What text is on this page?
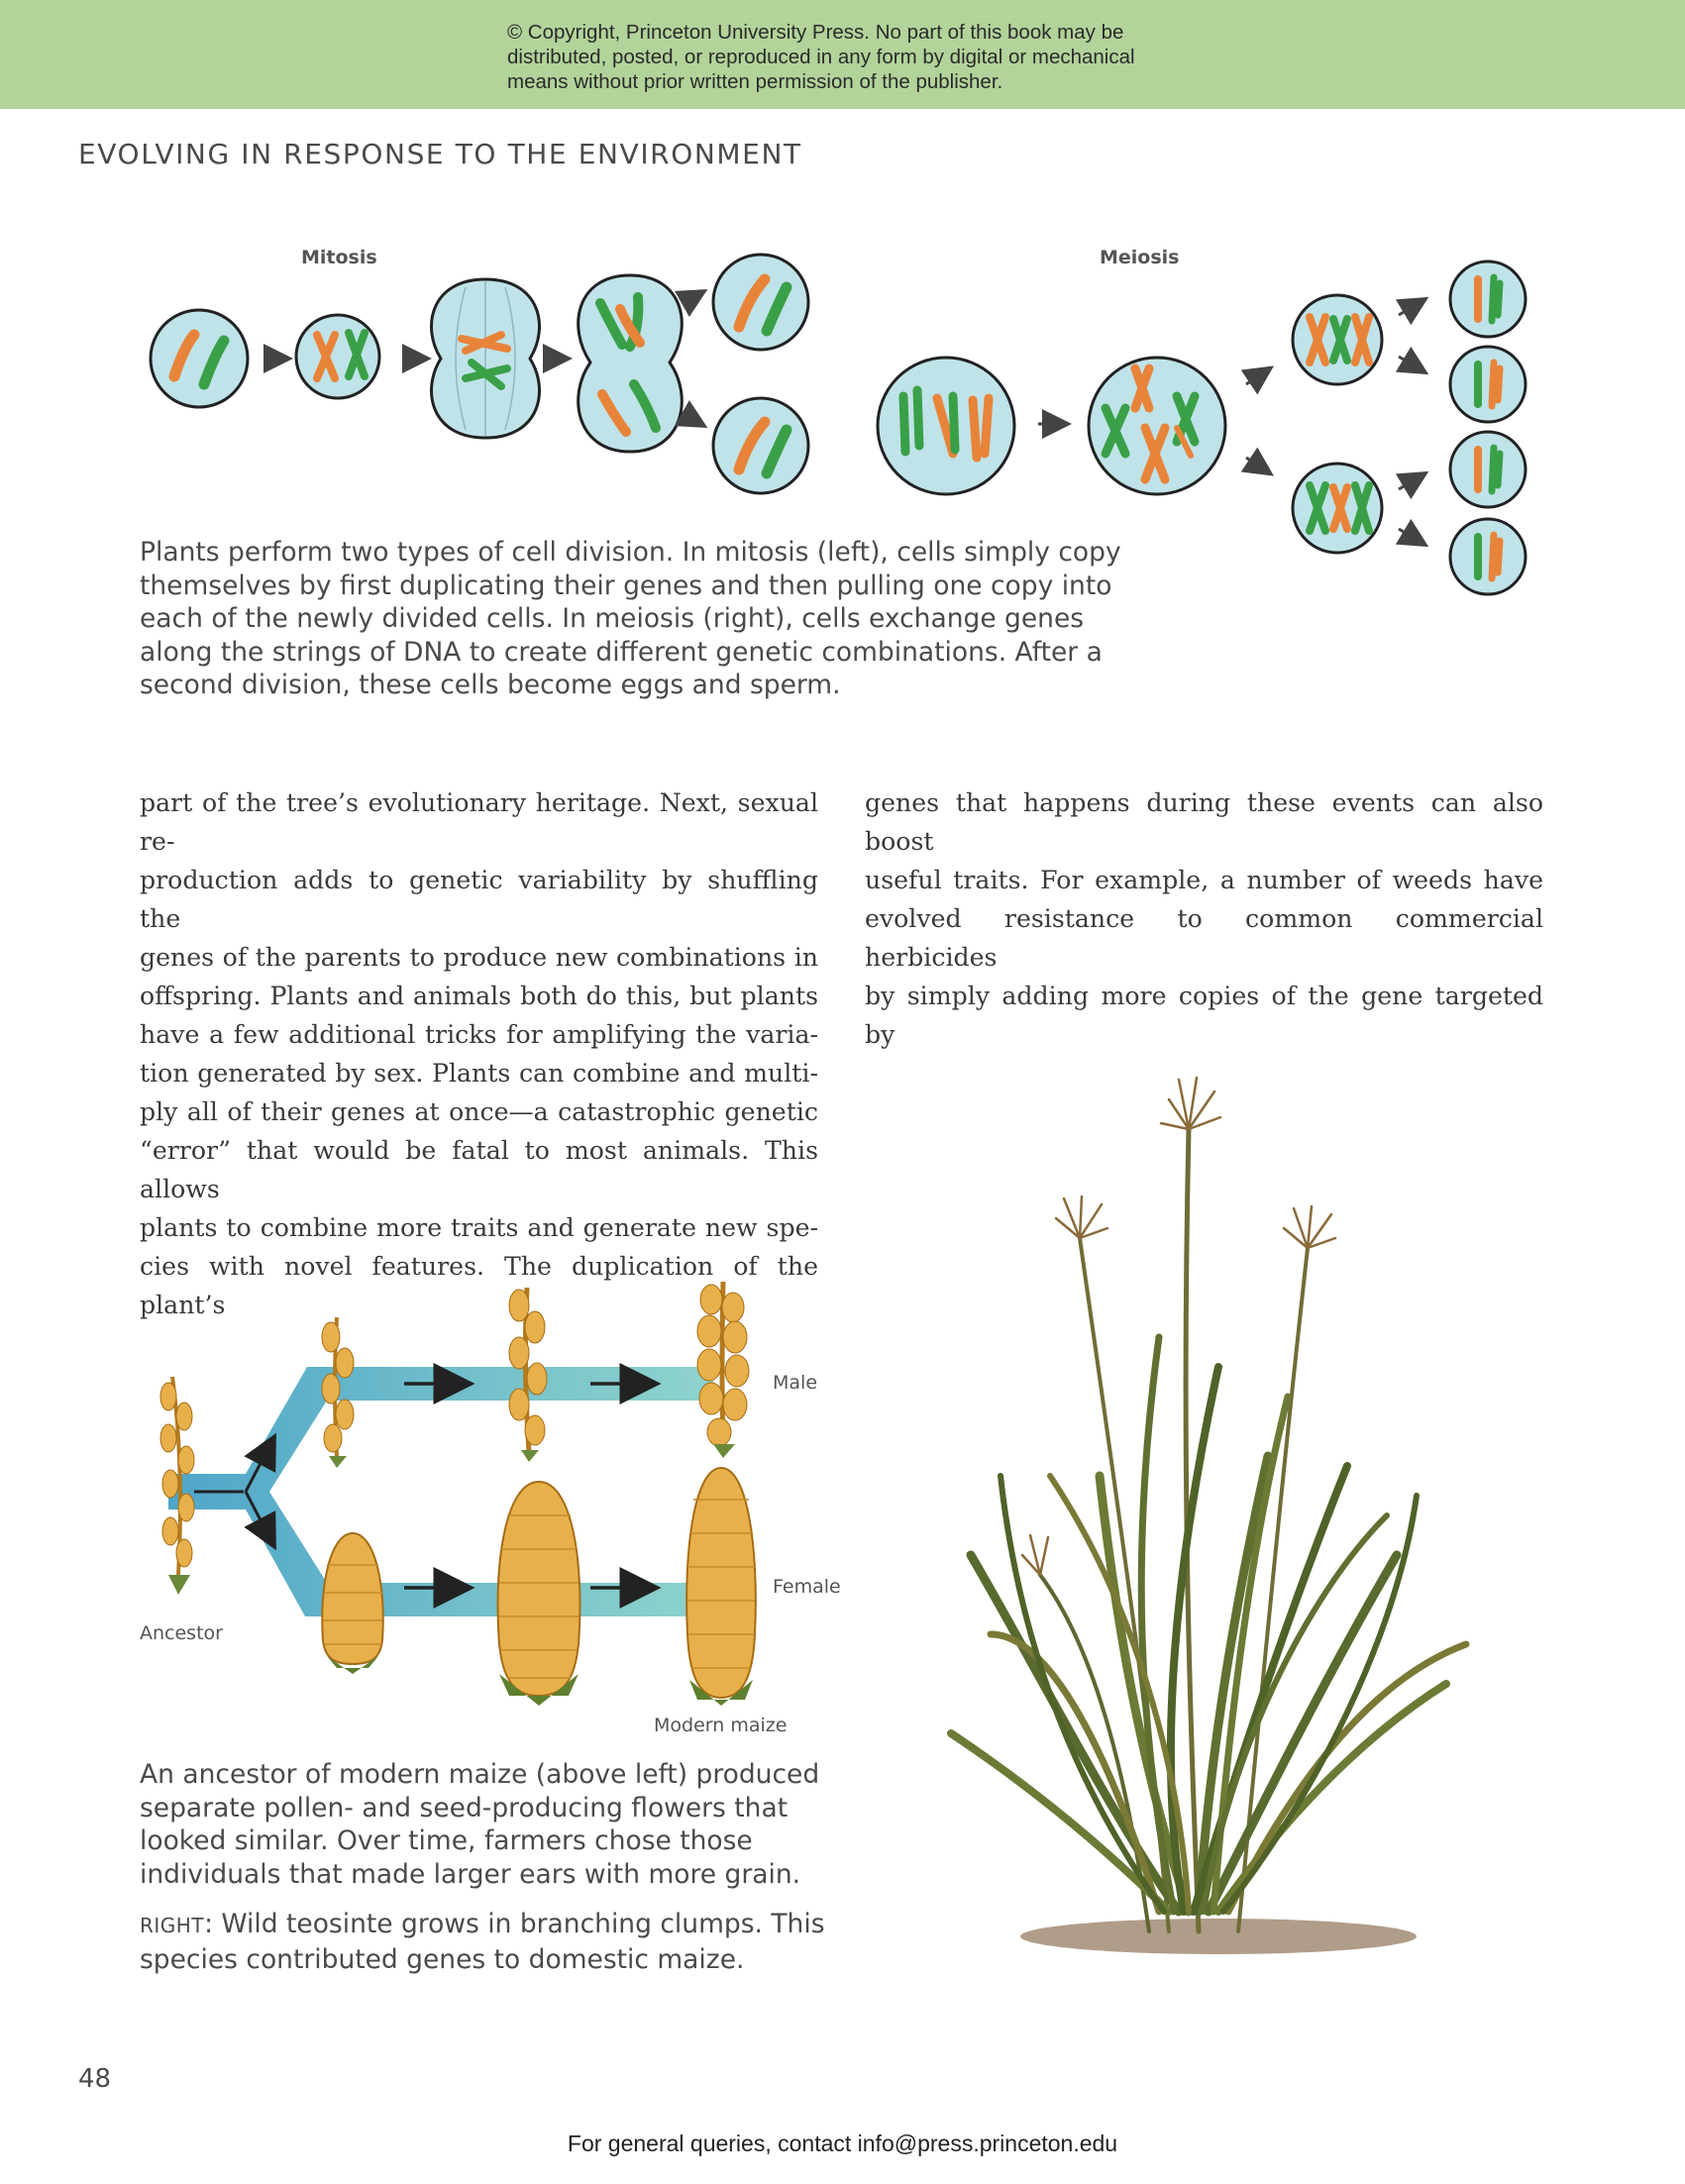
© Copyright, Princeton University Press. No part of this book may be
distributed, posted, or reproduced in any form by digital or mechanical
means without prior written permission of the publisher.
EVOLVING IN RESPONSE TO THE ENVIRONMENT
Mitosis	Meiosis
Plants perform two types of cell division. In mitosis (left), cells simply copy
themselves by first duplicating their genes and then pulling one copy into
each of the newly divided cells. In meiosis (right), cells exchange genes
along the strings of DNA to create different genetic combinations. After a
second division, these cells become eggs and sperm.
part of the tree’s evolutionary heritage. Next, sexual re-
production adds to genetic variability by shuffling the
genes of the parents to produce new combinations in
offspring. Plants and animals both do this, but plants
have a few additional tricks for amplifying the varia-
tion generated by sex. Plants can combine and multi-
ply all of their genes at once—a catastrophic genetic
“error” that would be fatal to most animals. This allows
plants to combine more traits and generate new spe-
cies with novel features. The duplication of the plant’s
genes that happens during these events can also boost
useful traits. For example, a number of weeds have
evolved resistance to common commercial herbicides
by simply adding more copies of the gene targeted by
Male
Female
Ancestor
Modern maize
An ancestor of modern maize (above left) produced
separate pollen- and seed-producing flowers that
looked similar. Over time, farmers chose those
individuals that made larger ears with more grain.
RIGHT: Wild teosinte grows in branching clumps. This
species contributed genes to domestic maize.
48
For general queries, contact info@press.princeton.edu
